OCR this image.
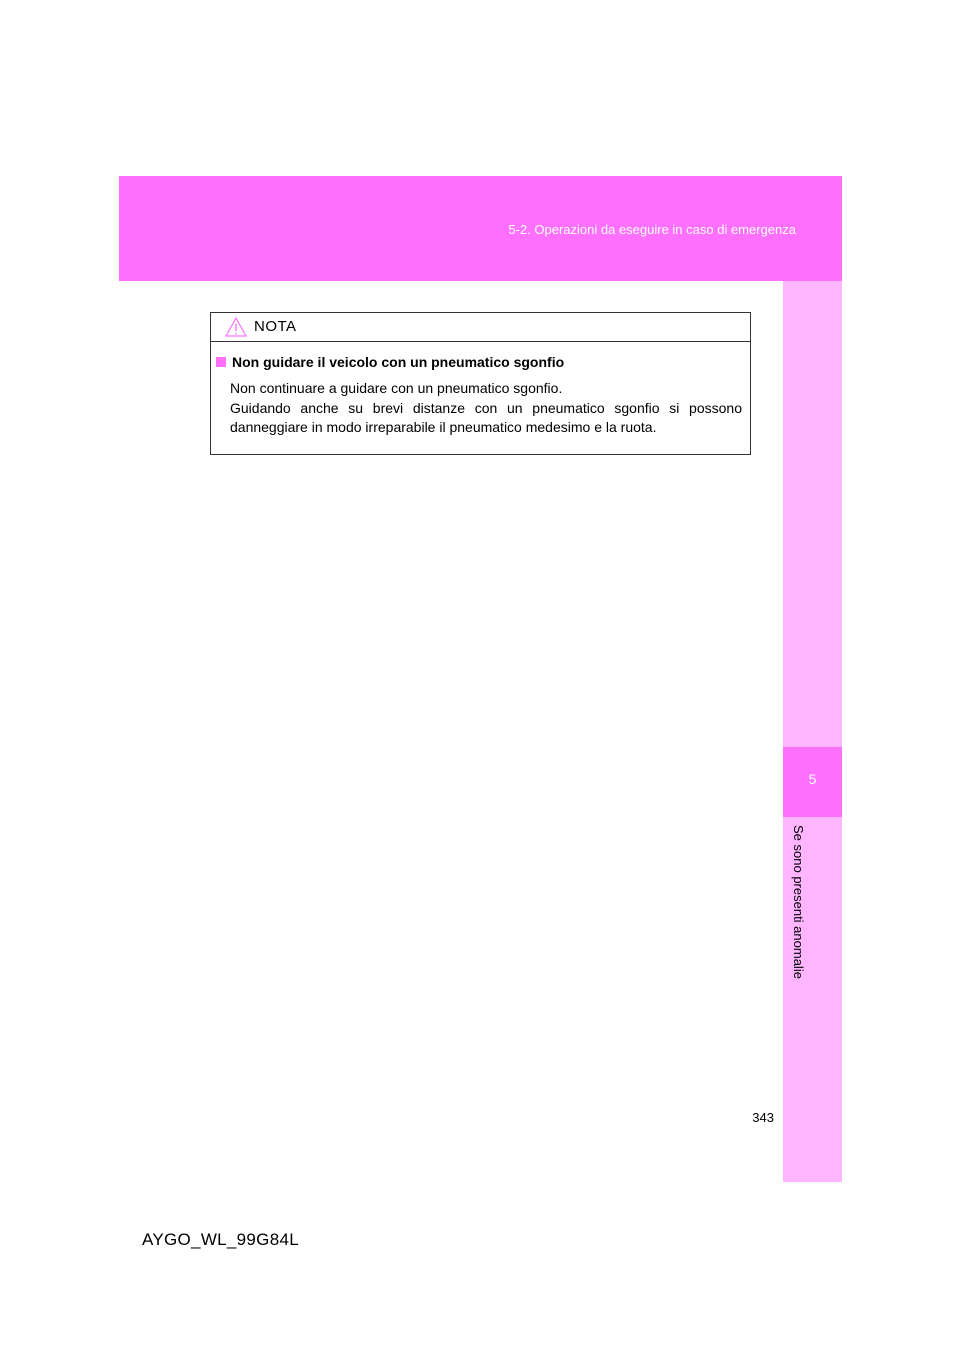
5-2. Operazioni da eseguire in caso di emergenza
5
Se sono presenti anomalie
NOTA
Non guidare il veicolo con un pneumatico sgonfio

Non continuare a guidare con un pneumatico sgonfio.

Guidando anche su brevi distanze con un pneumatico sgonfio si possono danneggiare in modo irreparabile il pneumatico medesimo e la ruota.

343
AYGO_WL_99G84L
